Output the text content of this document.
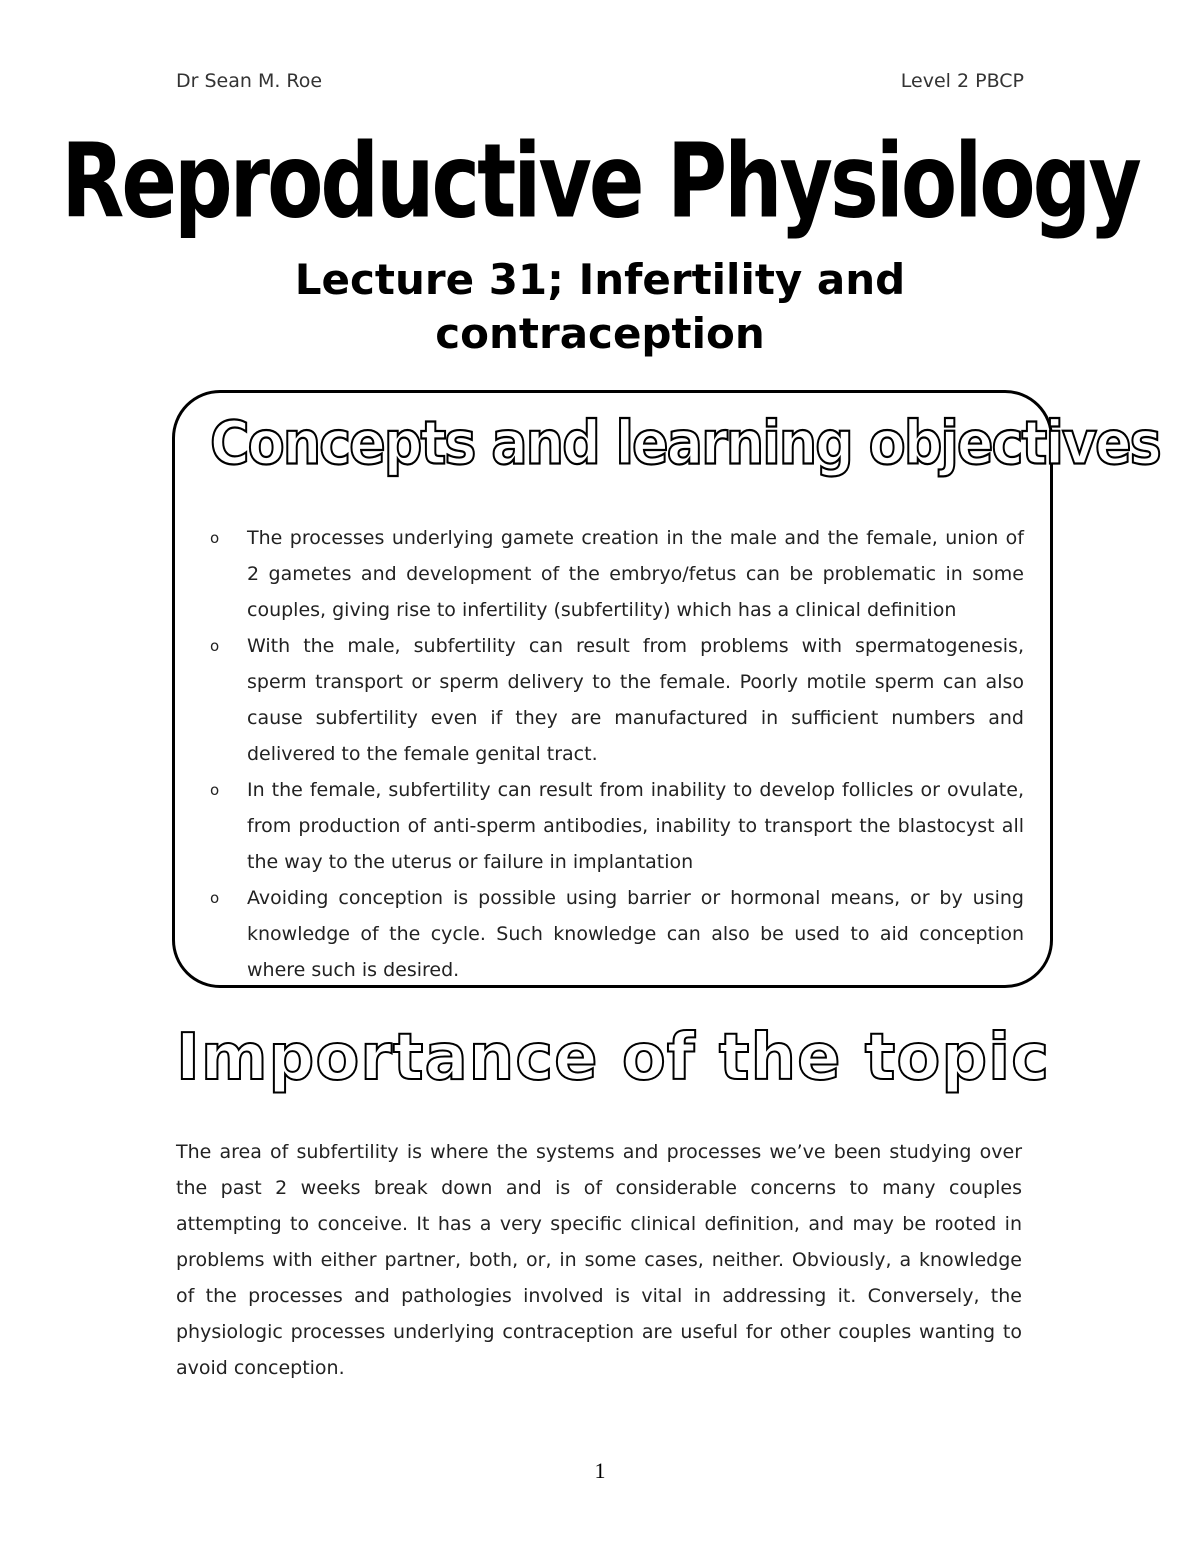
Dr Sean M. Roe	Level 2 PBCP
Reproductive Physiology
Lecture 31; Infertility and contraception
Concepts and learning objectives
o The processes underlying gamete creation in the male and the female, union of 2 gametes and development of the embryo/fetus can be problematic in some couples, giving rise to infertility (subfertility) which has a clinical definition
o With the male, subfertility can result from problems with spermatogenesis, sperm transport or sperm delivery to the female. Poorly motile sperm can also cause subfertility even if they are manufactured in sufficient numbers and delivered to the female genital tract.
o In the female, subfertility can result from inability to develop follicles or ovulate, from production of anti-sperm antibodies, inability to transport the blastocyst all the way to the uterus or failure in implantation
o Avoiding conception is possible using barrier or hormonal means, or by using knowledge of the cycle. Such knowledge can also be used to aid conception where such is desired.
Importance of the topic

The area of subfertility is where the systems and processes we’ve been studying over the past 2 weeks break down and is of considerable concerns to many couples attempting to conceive. It has a very specific clinical definition, and may be rooted in problems with either partner, both, or, in some cases, neither. Obviously, a knowledge of the processes and pathologies involved is vital in addressing it. Conversely, the physiologic processes underlying contraception are useful for other couples wanting to avoid conception.

1
